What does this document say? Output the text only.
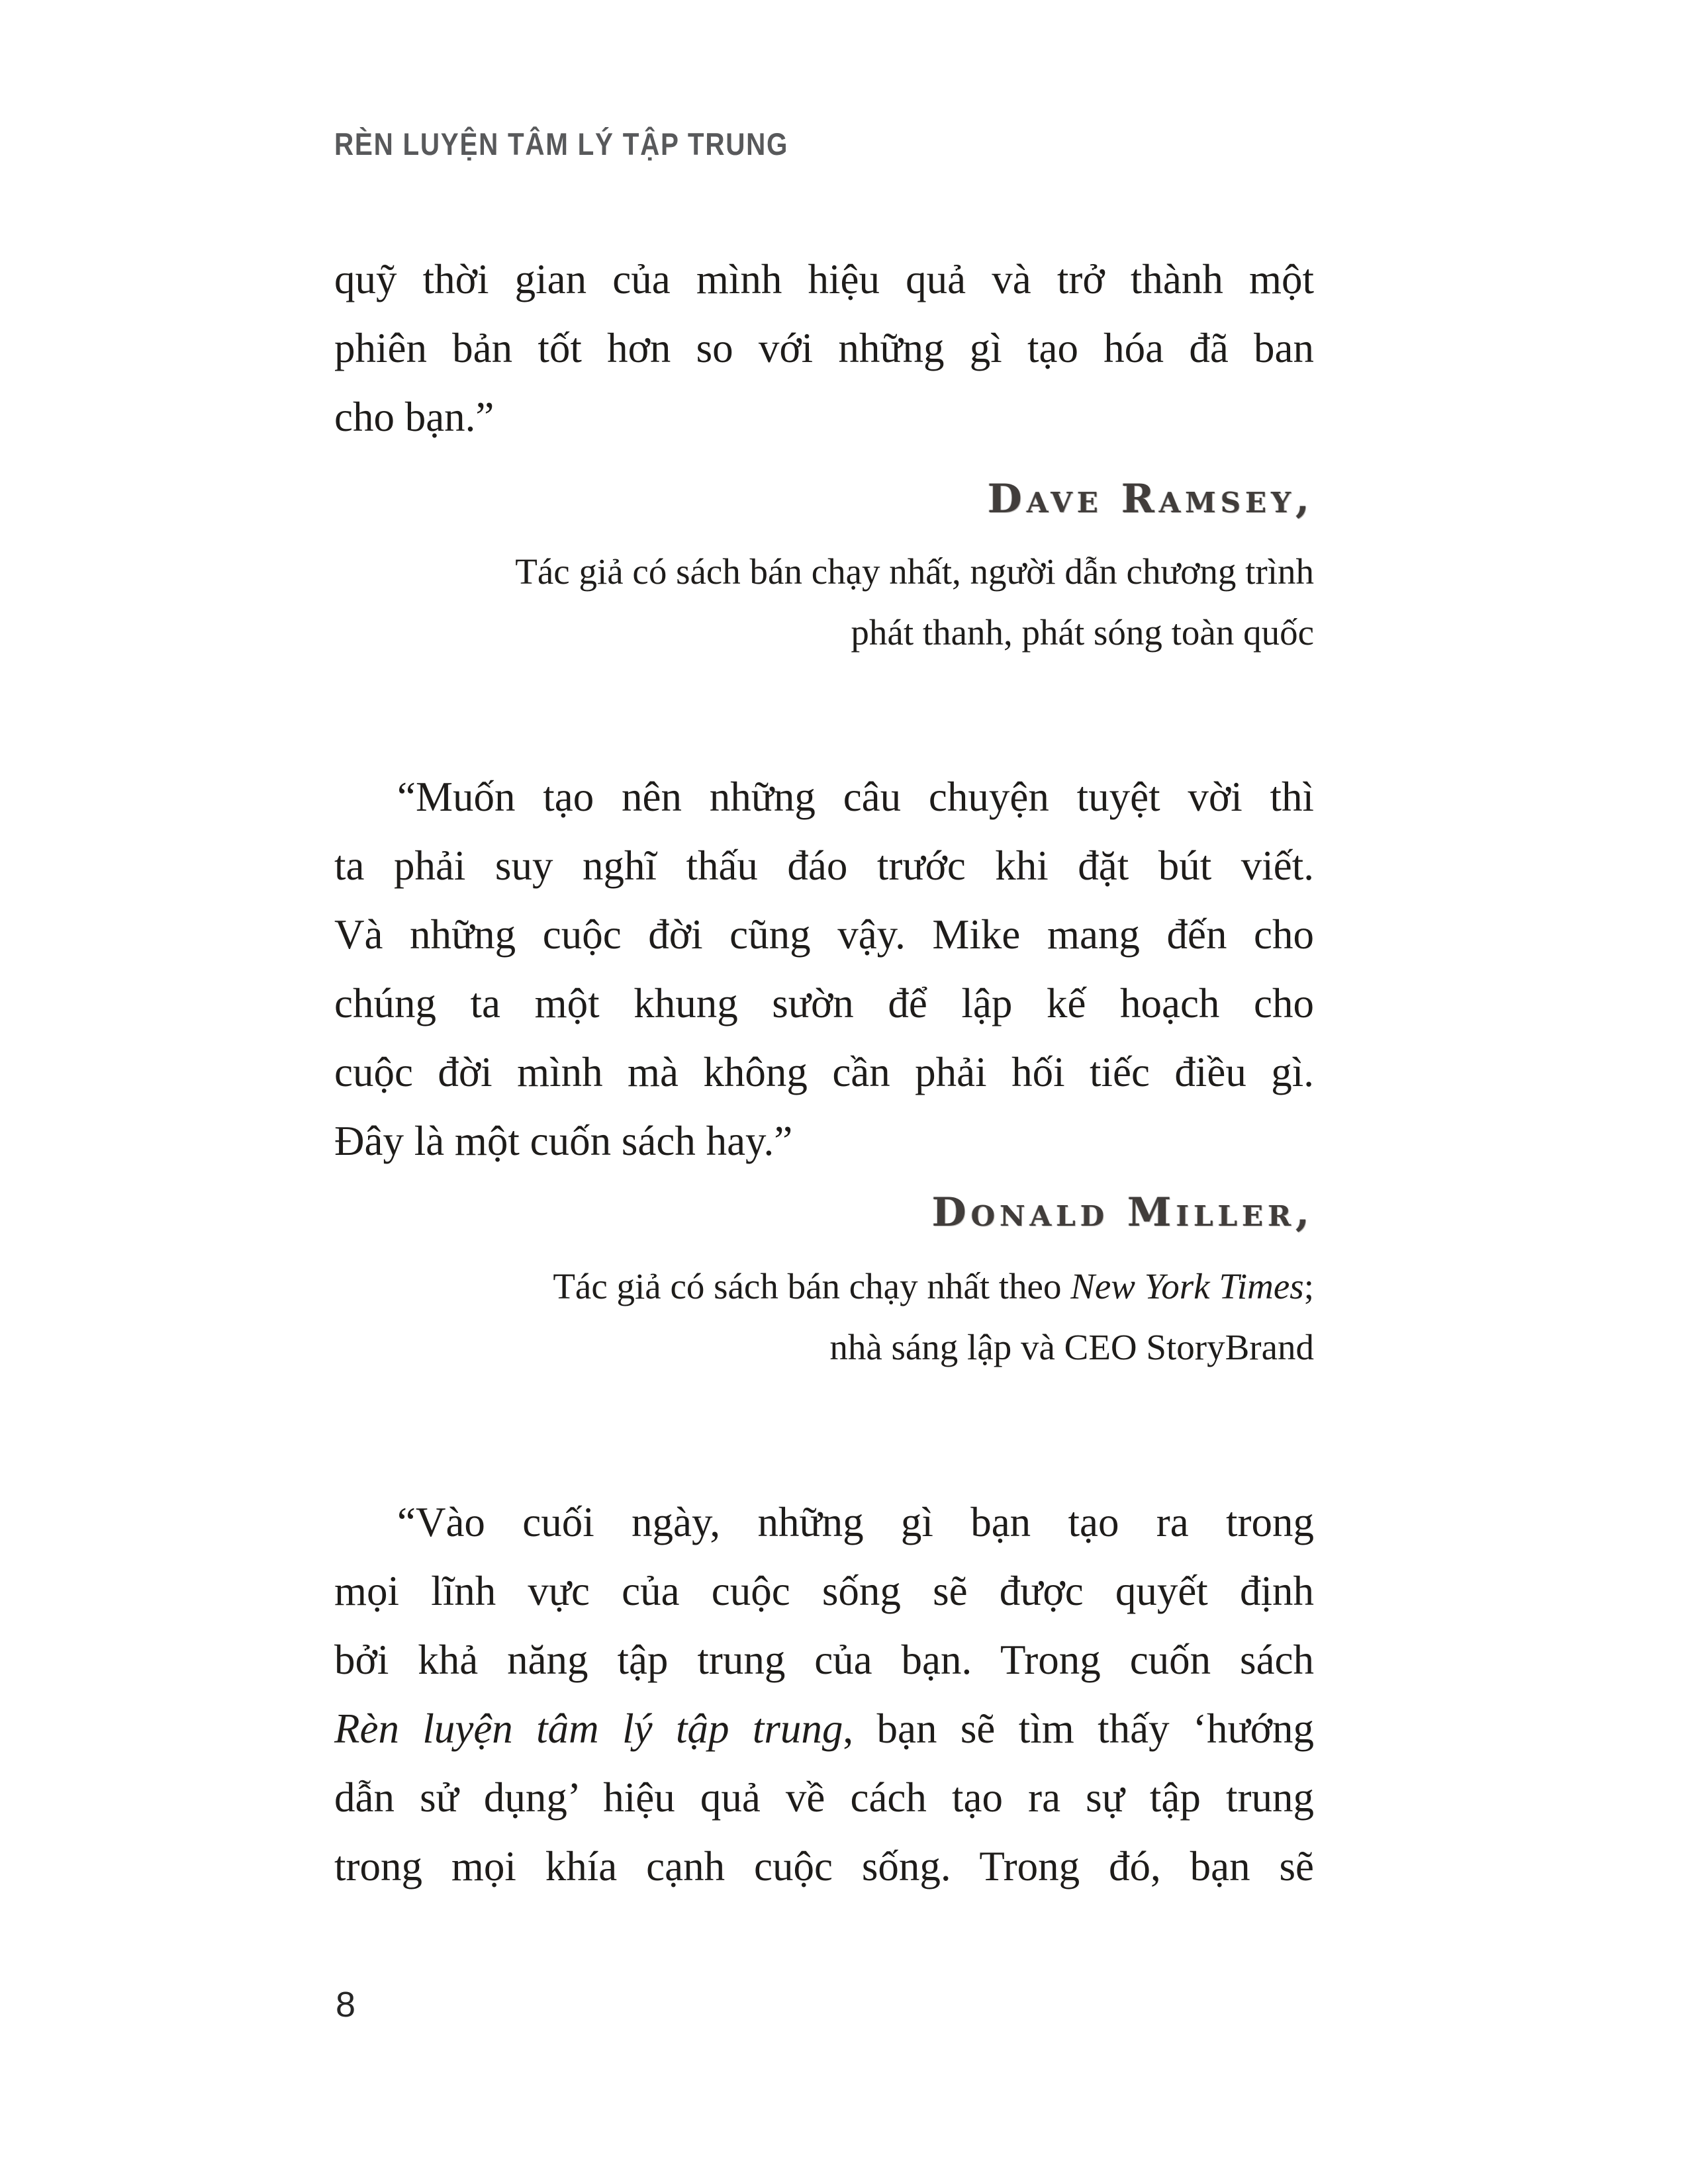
RÈN LUYỆN TÂM LÝ TẬP TRUNG
quỹ thời gian của mình hiệu quả và trở thành một
phiên bản tốt hơn so với những gì tạo hóa đã ban
cho bạn.”
Dave Ramsey,
Tác giả có sách bán chạy nhất, người dẫn chương trình
phát thanh, phát sóng toàn quốc
“Muốn tạo nên những câu chuyện tuyệt vời thì
ta phải suy nghĩ thấu đáo trước khi đặt bút viết.
Và những cuộc đời cũng vậy. Mike mang đến cho
chúng ta một khung sườn để lập kế hoạch cho
cuộc đời mình mà không cần phải hối tiếc điều gì.
Đây là một cuốn sách hay.”
Donald Miller,
Tác giả có sách bán chạy nhất theo New York Times;
nhà sáng lập và CEO StoryBrand
“Vào cuối ngày, những gì bạn tạo ra trong
mọi lĩnh vực của cuộc sống sẽ được quyết định
bởi khả năng tập trung của bạn. Trong cuốn sách
Rèn luyện tâm lý tập trung, bạn sẽ tìm thấy ‘hướng
dẫn sử dụng’ hiệu quả về cách tạo ra sự tập trung
trong mọi khía cạnh cuộc sống. Trong đó, bạn sẽ
8
